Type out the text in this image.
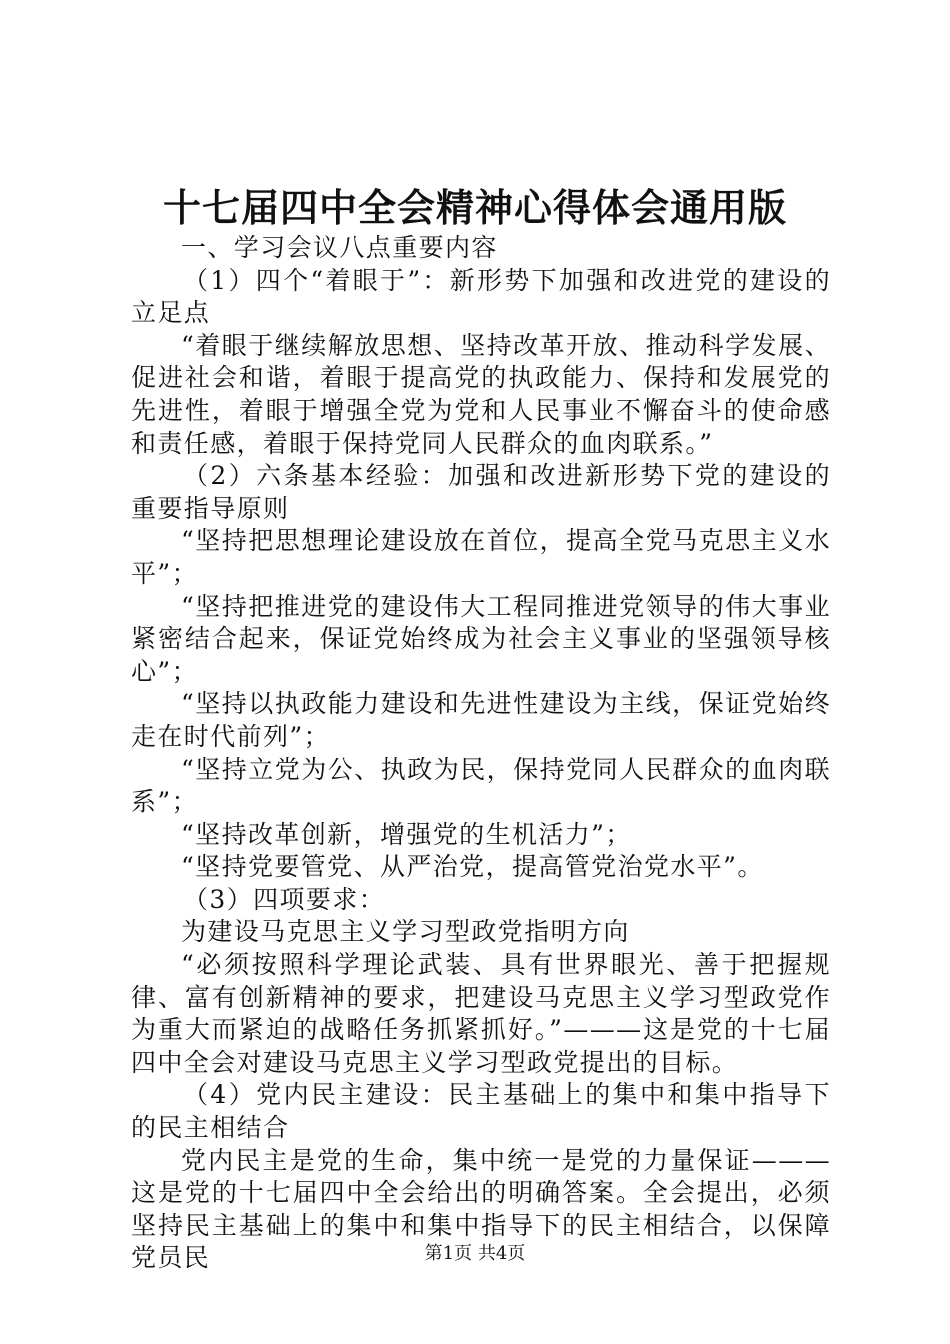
十七届四中全会精神心得体会通用版

一、学习会议八点重要内容

（1）四个“着眼于”：新形势下加强和改进党的建设的立足点

“着眼于继续解放思想、坚持改革开放、推动科学发展、促进社会和谐，着眼于提高党的执政能力、保持和发展党的先进性，着眼于增强全党为党和人民事业不懈奋斗的使命感和责任感，着眼于保持党同人民群众的血肉联系。”

（2）六条基本经验：加强和改进新形势下党的建设的重要指导原则

“坚持把思想理论建设放在首位，提高全党马克思主义水平”；

“坚持把推进党的建设伟大工程同推进党领导的伟大事业紧密结合起来，保证党始终成为社会主义事业的坚强领导核心”；

“坚持以执政能力建设和先进性建设为主线，保证党始终走在时代前列”；

“坚持立党为公、执政为民，保持党同人民群众的血肉联系”；

“坚持改革创新，增强党的生机活力”；

“坚持党要管党、从严治党，提高管党治党水平”。

（3）四项要求：

为建设马克思主义学习型政党指明方向

“必须按照科学理论武装、具有世界眼光、善于把握规律、富有创新精神的要求，把建设马克思主义学习型政党作为重大而紧迫的战略任务抓紧抓好。”———这是党的十七届四中全会对建设马克思主义学习型政党提出的目标。

（4）党内民主建设：民主基础上的集中和集中指导下的民主相结合

党内民主是党的生命，集中统一是党的力量保证———这是党的十七届四中全会给出的明确答案。全会提出，必须坚持民主基础上的集中和集中指导下的民主相结合，以保障党员民	第1页 共4页
